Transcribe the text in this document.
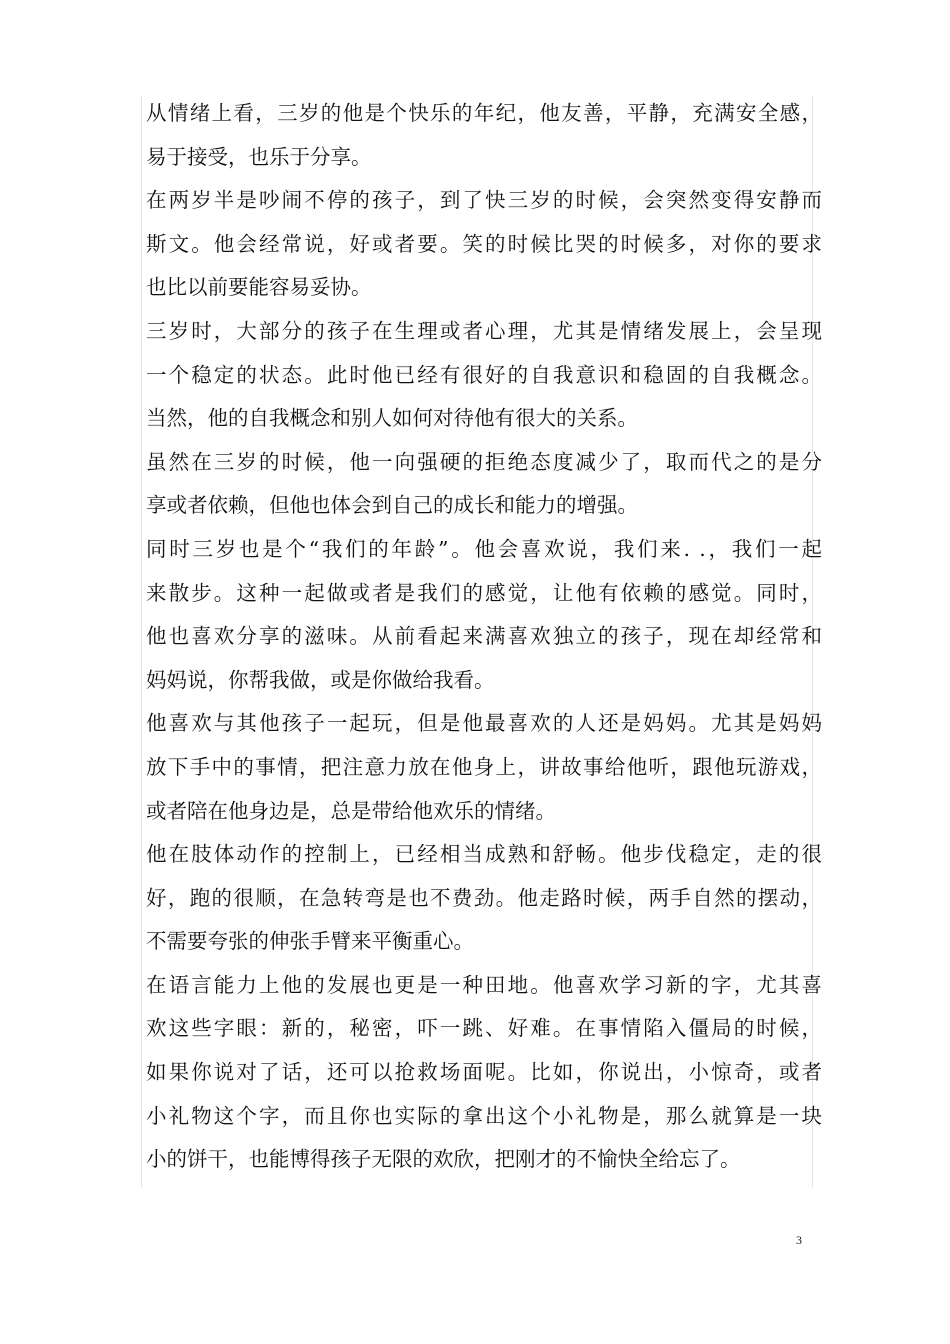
从情绪上看，三岁的他是个快乐的年纪，他友善，平静，充满安全感，
易于接受，也乐于分享。
在两岁半是吵闹不停的孩子，到了快三岁的时候，会突然变得安静而
斯文。他会经常说，好或者要。笑的时候比哭的时候多，对你的要求
也比以前要能容易妥协。
三岁时，大部分的孩子在生理或者心理，尤其是情绪发展上，会呈现
一个稳定的状态。此时他已经有很好的自我意识和稳固的自我概念。
当然，他的自我概念和别人如何对待他有很大的关系。
虽然在三岁的时候，他一向强硬的拒绝态度减少了，取而代之的是分
享或者依赖，但他也体会到自己的成长和能力的增强。
同时三岁也是个“我们的年龄”。他会喜欢说，我们来. .，我们一起
来散步。这种一起做或者是我们的感觉，让他有依赖的感觉。同时，
他也喜欢分享的滋味。从前看起来满喜欢独立的孩子，现在却经常和
妈妈说，你帮我做，或是你做给我看。
他喜欢与其他孩子一起玩，但是他最喜欢的人还是妈妈。尤其是妈妈
放下手中的事情，把注意力放在他身上，讲故事给他听，跟他玩游戏，
或者陪在他身边是，总是带给他欢乐的情绪。
他在肢体动作的控制上，已经相当成熟和舒畅。他步伐稳定，走的很
好，跑的很顺，在急转弯是也不费劲。他走路时候，两手自然的摆动，
不需要夸张的伸张手臂来平衡重心。
在语言能力上他的发展也更是一种田地。他喜欢学习新的字，尤其喜
欢这些字眼：新的，秘密，吓一跳、好难。在事情陷入僵局的时候，
如果你说对了话，还可以抢救场面呢。比如，你说出，小惊奇，或者
小礼物这个字，而且你也实际的拿出这个小礼物是，那么就算是一块
小的饼干，也能博得孩子无限的欢欣，把刚才的不愉快全给忘了。
3
